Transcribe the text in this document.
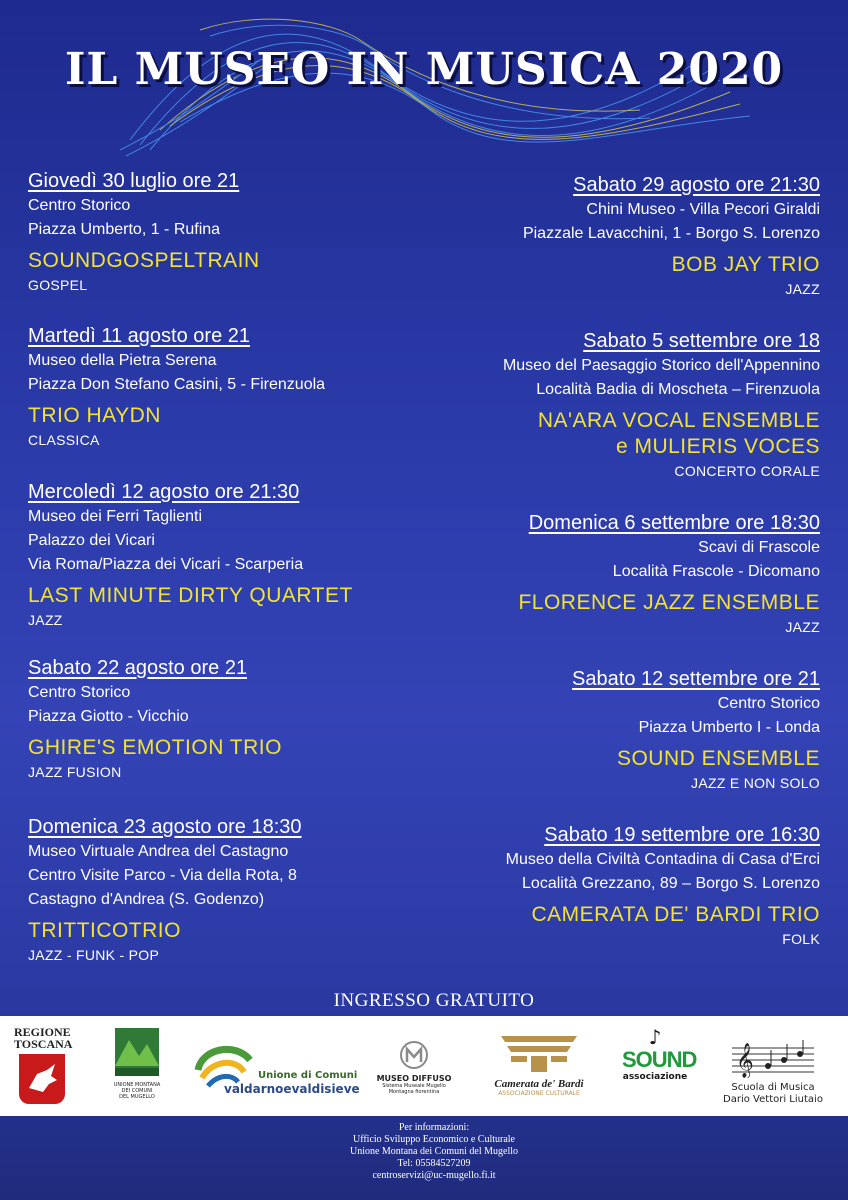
IL MUSEO IN MUSICA 2020
Giovedì 30 luglio ore 21
Centro Storico
Piazza Umberto, 1 - Rufina
SOUNDGOSPELTRAIN
GOSPEL
Martedì 11 agosto ore 21
Museo della Pietra Serena
Piazza Don Stefano Casini, 5 - Firenzuola
TRIO HAYDN
CLASSICA
Mercoledì 12 agosto ore 21:30
Museo dei Ferri Taglienti
Palazzo dei Vicari
Via Roma/Piazza dei Vicari - Scarperia
LAST MINUTE DIRTY QUARTET
JAZZ
Sabato 22 agosto ore 21
Centro Storico
Piazza Giotto - Vicchio
GHIRE'S EMOTION TRIO
JAZZ FUSION
Domenica 23 agosto ore 18:30
Museo Virtuale Andrea del Castagno
Centro Visite Parco - Via della Rota, 8
Castagno d'Andrea (S. Godenzo)
TRITTICOTRIO
JAZZ - FUNK - POP
Sabato 29 agosto ore 21:30
Chini Museo - Villa Pecori Giraldi
Piazzale Lavacchini, 1 - Borgo S. Lorenzo
BOB JAY TRIO
JAZZ
Sabato 5 settembre ore 18
Museo del Paesaggio Storico dell'Appennino
Località Badia di Moscheta – Firenzuola
NA'ARA VOCAL ENSEMBLE
e MULIERIS VOCES
CONCERTO CORALE
Domenica 6 settembre ore 18:30
Scavi di Frascole
Località Frascole - Dicomano
FLORENCE JAZZ ENSEMBLE
JAZZ
Sabato 12 settembre ore 21
Centro Storico
Piazza Umberto I - Londa
SOUND ENSEMBLE
JAZZ E NON SOLO
Sabato 19 settembre ore 16:30
Museo della Civiltà Contadina di Casa d'Erci
Località Grezzano, 89 – Borgo S. Lorenzo
CAMERATA DE' BARDI TRIO
FOLK
INGRESSO GRATUITO
REGIONE
TOSCANA
UNIONE MONTANA
DEI COMUNI
DEL MUGELLO
Unione di Comuni
valdarnoevaldisieve
MUSEO DIFFUSO
Sistema Museale Mugello
Montagna fiorentina
Camerata de' Bardi
ASSOCIAZIONE CULTURALE
♪
SOUND
associazione 𝄞
Scuola di Musica
Dario Vettori Liutaio
Per informazioni:
Ufficio Sviluppo Economico e Culturale
Unione Montana dei Comuni del Mugello
Tel: 05584527209
centroservizi@uc-mugello.fi.it
